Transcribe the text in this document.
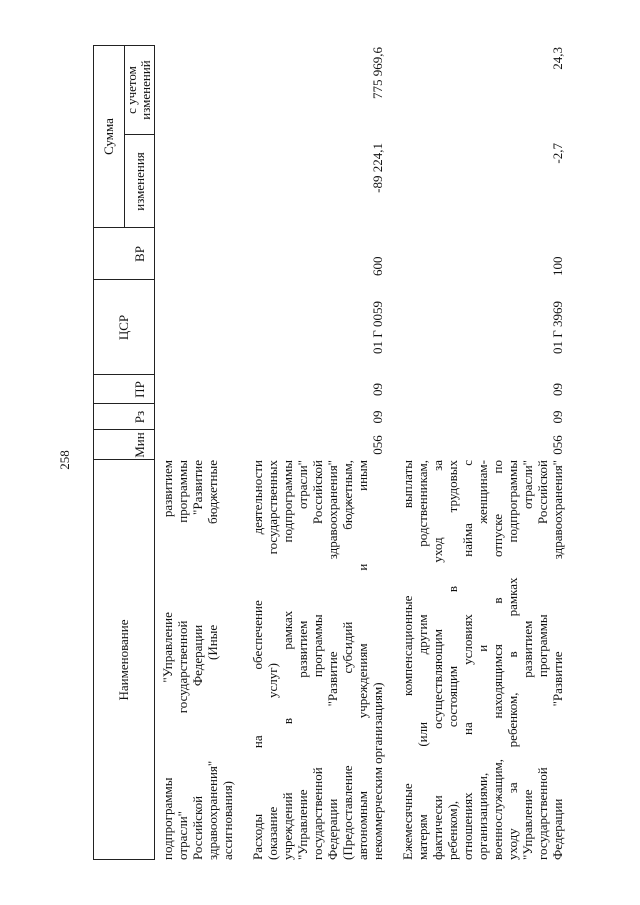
258
Наименование
Мин
Рз
ПР
ЦСР
ВР
Сумма
изменения
с учетом изменений
подпрограммы "Управление развитием отрасли" государственной программы Российской Федерации "Развитие здравоохранения" (Иные бюджетные ассигнования) Расходы на обеспечение деятельности (оказание услуг) государственных учреждений в рамках подпрограммы "Управление развитием отрасли" государственной программы Российской Федерации "Развитие здравоохранения" (Предоставление субсидий бюджетным, автономным учреждениям и иным некоммерческим организациям)
056
09
09
01 Г 0059
600
-89 224,1
775 969,6
Ежемесячные компенсационные выплаты матерям (или другим родственникам, фактически осуществляющим уход за ребенком), состоящим в трудовых отношениях на условиях найма с организациями, и женщинам- военнослужащим, находящимся в отпуске по уходу за ребенком, в рамках подпрограммы "Управление развитием отрасли" государственной программы Российской Федерации "Развитие здравоохранения"
056
09
09
01 Г 3969
100
-2,7
24,3
